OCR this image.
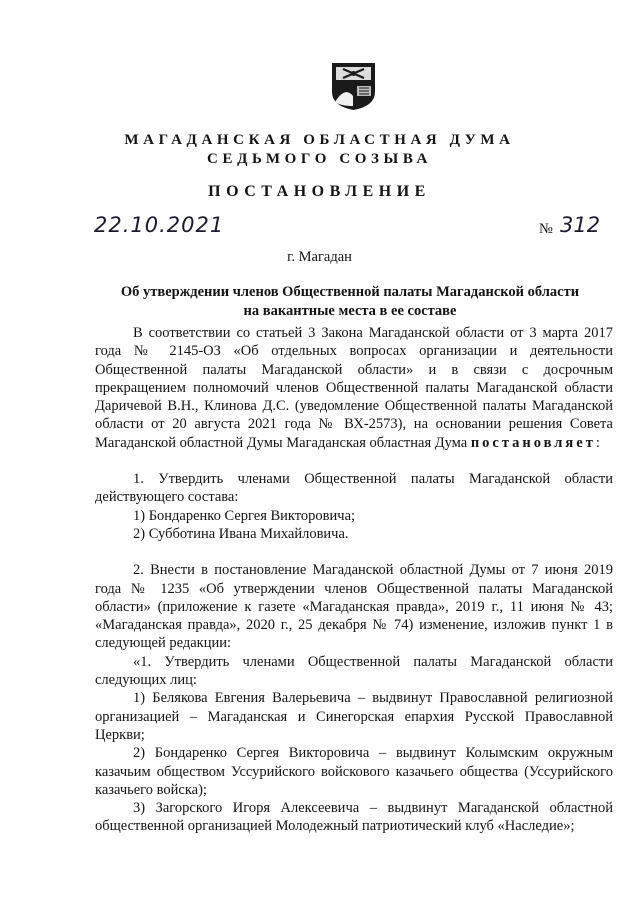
МАГАДАНСКАЯ ОБЛАСТНАЯ ДУМА
СЕДЬМОГО СОЗЫВА
ПОСТАНОВЛЕНИЕ
22.10.2021	№ 312
г. Магадан
Об утверждении членов Общественной палаты Магаданской области
на вакантные места в ее составе

В соответствии со статьей 3 Закона Магаданской области от 3 марта 2017 года № 2145-ОЗ «Об отдельных вопросах организации и деятельности Общественной палаты Магаданской области» и в связи с досрочным прекращением полномочий членов Общественной палаты Магаданской области Даричевой В.Н., Клинова Д.С. (уведомление Общественной палаты Магаданской области от 20 августа 2021 года № ВХ-2573), на основании решения Совета Магаданской областной Думы Магаданская областная Дума постановляет:

1. Утвердить членами Общественной палаты Магаданской области действующего состава:

1) Бондаренко Сергея Викторовича;

2) Субботина Ивана Михайловича.

2. Внести в постановление Магаданской областной Думы от 7 июня 2019 года № 1235 «Об утверждении членов Общественной палаты Магаданской области» (приложение к газете «Магаданская правда», 2019 г., 11 июня № 43; «Магаданская правда», 2020 г., 25 декабря № 74) изменение, изложив пункт 1 в следующей редакции:

«1. Утвердить членами Общественной палаты Магаданской области следующих лиц:

1) Белякова Евгения Валерьевича – выдвинут Православной религиозной организацией – Магаданская и Синегорская епархия Русской Православной Церкви;

2) Бондаренко Сергея Викторовича – выдвинут Колымским окружным казачьим обществом Уссурийского войскового казачьего общества (Уссурийского казачьего войска);

3) Загорского Игоря Алексеевича – выдвинут Магаданской областной общественной организацией Молодежный патриотический клуб «Наследие»;
